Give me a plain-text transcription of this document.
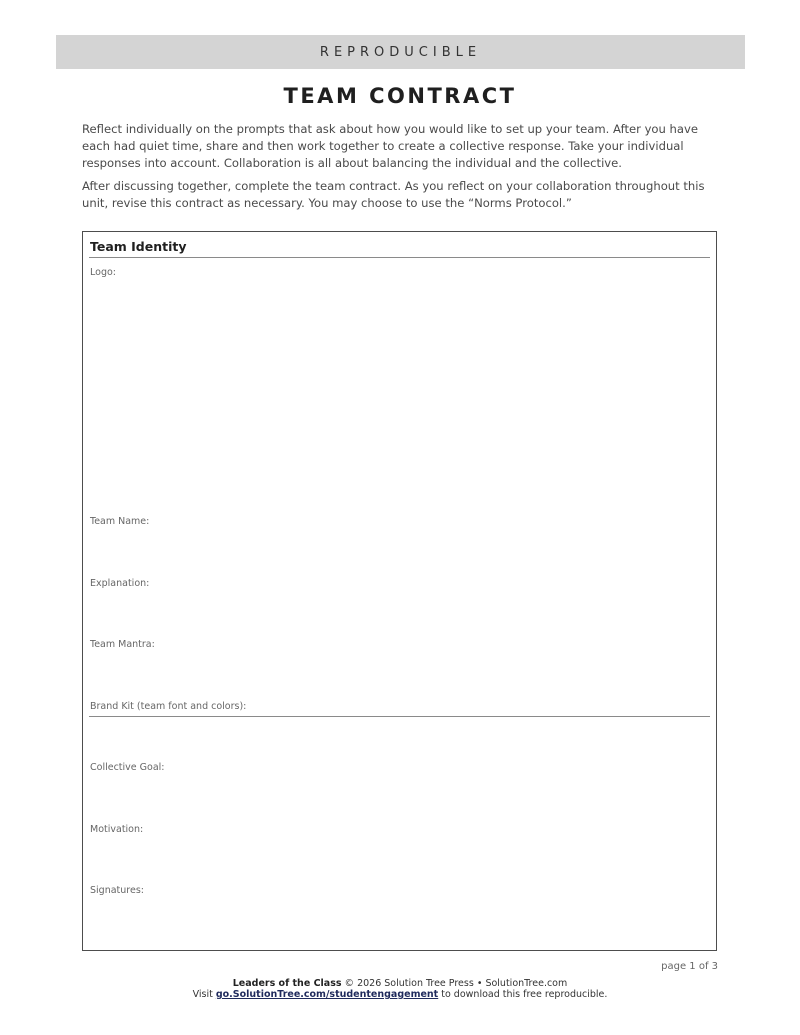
REPRODUCIBLE
TEAM CONTRACT

Reflect individually on the prompts that ask about how you would like to set up your team. After you have each had quiet time, share and then work together to create a collective response. Take your individual responses into account. Collaboration is all about balancing the individual and the collective.

After discussing together, complete the team contract. As you reflect on your collaboration throughout this unit, revise this contract as necessary. You may choose to use the “Norms Protocol.”

Team Identity
Logo:
Team Name:
Explanation:
Team Mantra:
Brand Kit (team font and colors):
Collective Goal:
Motivation:
Signatures:
page 1 of 3
Leaders of the Class © 2026 Solution Tree Press • SolutionTree.com
Visit go.SolutionTree.com/studentengagement to download this free reproducible.
